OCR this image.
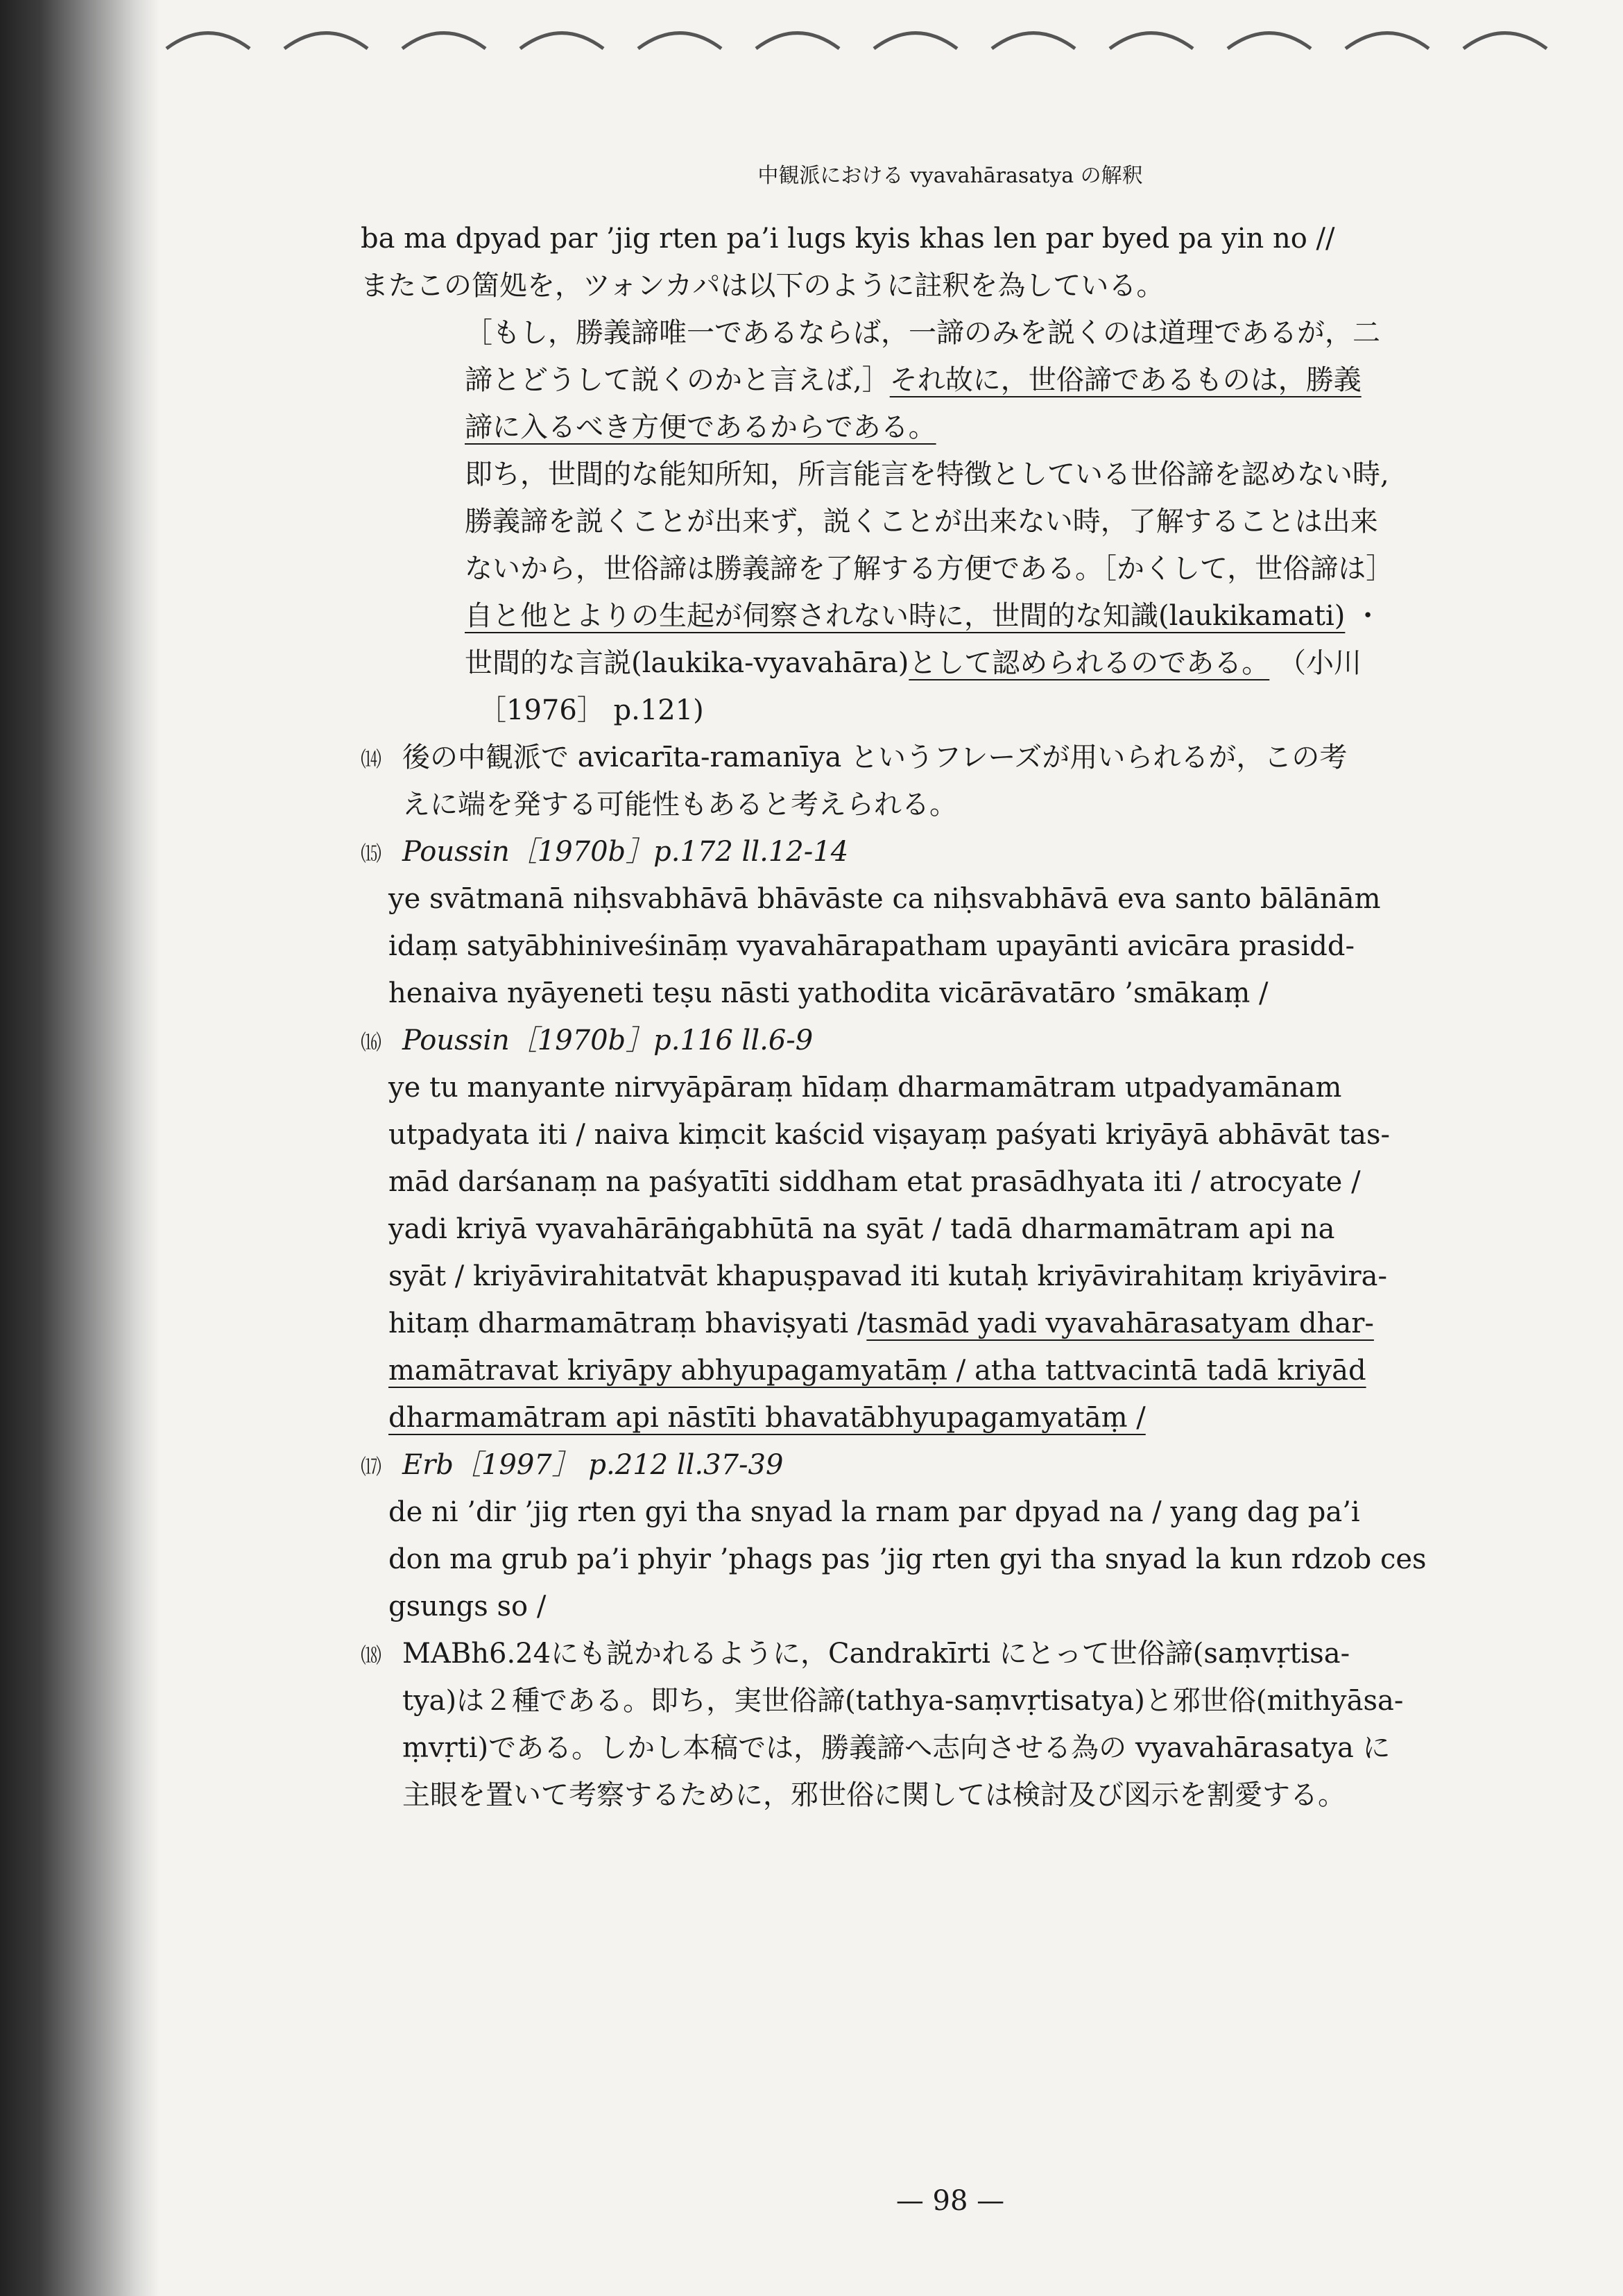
中観派における vyavahārasatya の解釈
ba ma dpyad par ’jig rten pa’i lugs kyis khas len par byed pa yin no //
またこの箇処を，ツォンカパは以下のように註釈を為している。
［もし，勝義諦唯一であるならば，一諦のみを説くのは道理であるが，二
諦とどうして説くのかと言えば,］それ故に，世俗諦であるものは，勝義
諦に入るべき方便であるからである。
即ち，世間的な能知所知，所言能言を特徴としている世俗諦を認めない時,
勝義諦を説くことが出来ず，説くことが出来ない時，了解することは出来
ないから，世俗諦は勝義諦を了解する方便である。［かくして，世俗諦は］
自と他とよりの生起が伺察されない時に，世間的な知識(laukikamati) ・
世間的な言説(laukika-vyavahāra)として認められるのである。 （小川
［1976］ p.121)
⒁ 後の中観派で avicarīta-ramanīya というフレーズが用いられるが，この考
えに端を発する可能性もあると考えられる。
⒂ Poussin［1970b］p.172 ll.12-14
ye svātmanā niḥsvabhāvā bhāvāste ca niḥsvabhāvā eva santo bālānām
idaṃ satyābhiniveśināṃ vyavahārapatham upayānti avicāra prasidd-
henaiva nyāyeneti teṣu nāsti yathodita vicārāvatāro ’smākaṃ /
⒃ Poussin［1970b］p.116 ll.6-9
ye tu manyante nirvyāpāraṃ hīdaṃ dharmamātram utpadyamānam
utpadyata iti / naiva kiṃcit kaścid viṣayaṃ paśyati kriyāyā abhāvāt tas-
mād darśanaṃ na paśyatīti siddham etat prasādhyata iti / atrocyate /
yadi kriyā vyavahārāṅgabhūtā na syāt / tadā dharmamātram api na
syāt / kriyāvirahitatvāt khapuṣpavad iti kutaḥ kriyāvirahitaṃ kriyāvira-
hitaṃ dharmamātraṃ bhaviṣyati /tasmād yadi vyavahārasatyam dhar-
mamātravat kriyāpy abhyupagamyatāṃ / atha tattvacintā tadā kriyād
dharmamātram api nāstīti bhavatābhyupagamyatāṃ /
⒄ Erb［1997］ p.212 ll.37-39
de ni ’dir ’jig rten gyi tha snyad la rnam par dpyad na / yang dag pa’i
don ma grub pa’i phyir ’phags pas ’jig rten gyi tha snyad la kun rdzob ces
gsungs so /
⒅ MABh6.24にも説かれるように，Candrakīrti にとって世俗諦(saṃvṛtisa-
tya)は２種である。即ち，実世俗諦(tathya-saṃvṛtisatya)と邪世俗(mithyāsa-
ṃvṛti)である。しかし本稿では，勝義諦へ志向させる為の vyavahārasatya に
主眼を置いて考察するために，邪世俗に関しては検討及び図示を割愛する。
— 98 —
